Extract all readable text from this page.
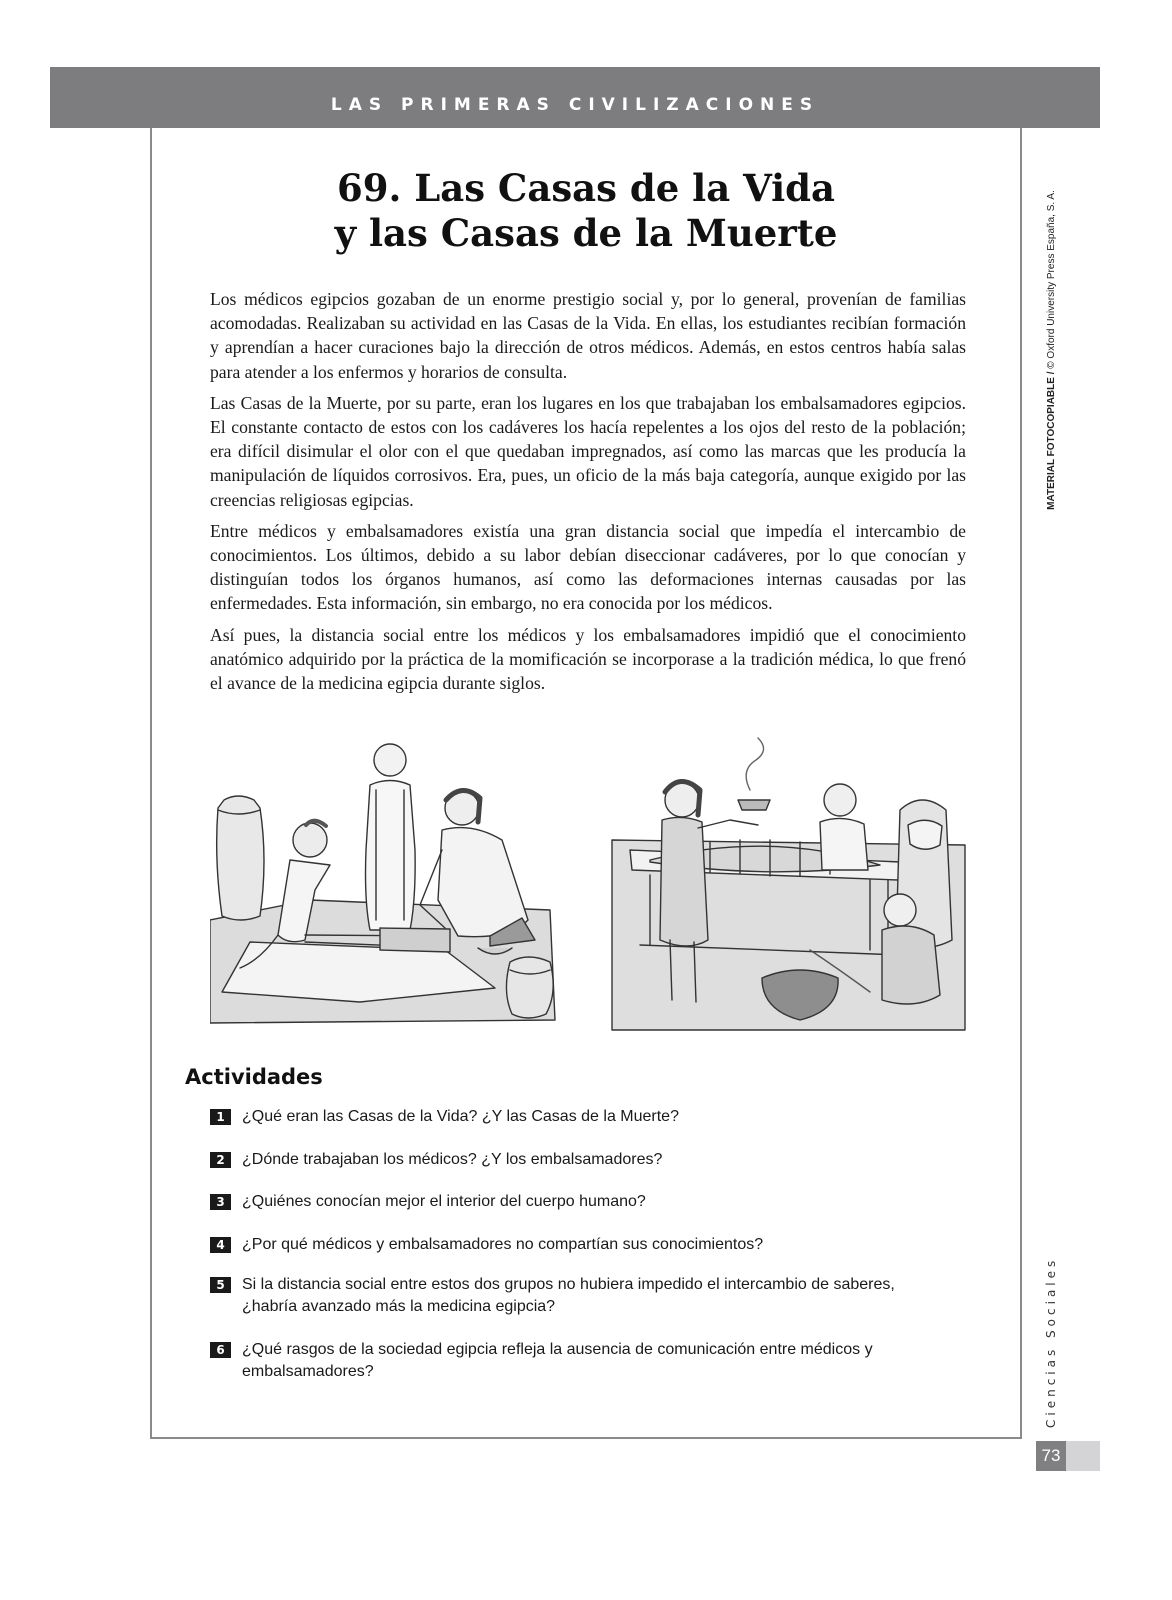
LAS PRIMERAS CIVILIZACIONES
69. Las Casas de la Vida
y las Casas de la Muerte

Los médicos egipcios gozaban de un enorme prestigio social y, por lo general, provenían de familias acomodadas. Realizaban su actividad en las Casas de la Vida. En ellas, los estudiantes recibían formación y aprendían a hacer curaciones bajo la dirección de otros médicos. Además, en estos centros había salas para atender a los enfermos y horarios de consulta.

Las Casas de la Muerte, por su parte, eran los lugares en los que trabajaban los embalsamadores egipcios. El constante contacto de estos con los cadáveres los hacía repelentes a los ojos del resto de la población; era difícil disimular el olor con el que quedaban impregnados, así como las marcas que les producía la manipulación de líquidos corrosivos. Era, pues, un oficio de la más baja categoría, aunque exigido por las creencias religiosas egipcias.

Entre médicos y embalsamadores existía una gran distancia social que impedía el intercambio de conocimientos. Los últimos, debido a su labor debían diseccionar cadáveres, por lo que conocían y distinguían todos los órganos humanos, así como las deformaciones internas causadas por las enfermedades. Esta información, sin embargo, no era conocida por los médicos.

Así pues, la distancia social entre los médicos y los embalsamadores impidió que el conocimiento anatómico adquirido por la práctica de la momificación se incorporase a la tradición médica, lo que frenó el avance de la medicina egipcia durante siglos.

Actividades
1	¿Qué eran las Casas de la Vida? ¿Y las Casas de la Muerte?
2	¿Dónde trabajaban los médicos? ¿Y los embalsamadores?
3	¿Quiénes conocían mejor el interior del cuerpo humano?
4	¿Por qué médicos y embalsamadores no compartían sus conocimientos?
5	Si la distancia social entre estos dos grupos no hubiera impedido el intercambio de saberes, ¿habría avanzado más la medicina egipcia?
6	¿Qué rasgos de la sociedad egipcia refleja la ausencia de comunicación entre médicos y embalsamadores?
MATERIAL FOTOCOPIABLE / © Oxford University Press España, S. A.
Ciencias Sociales
73
